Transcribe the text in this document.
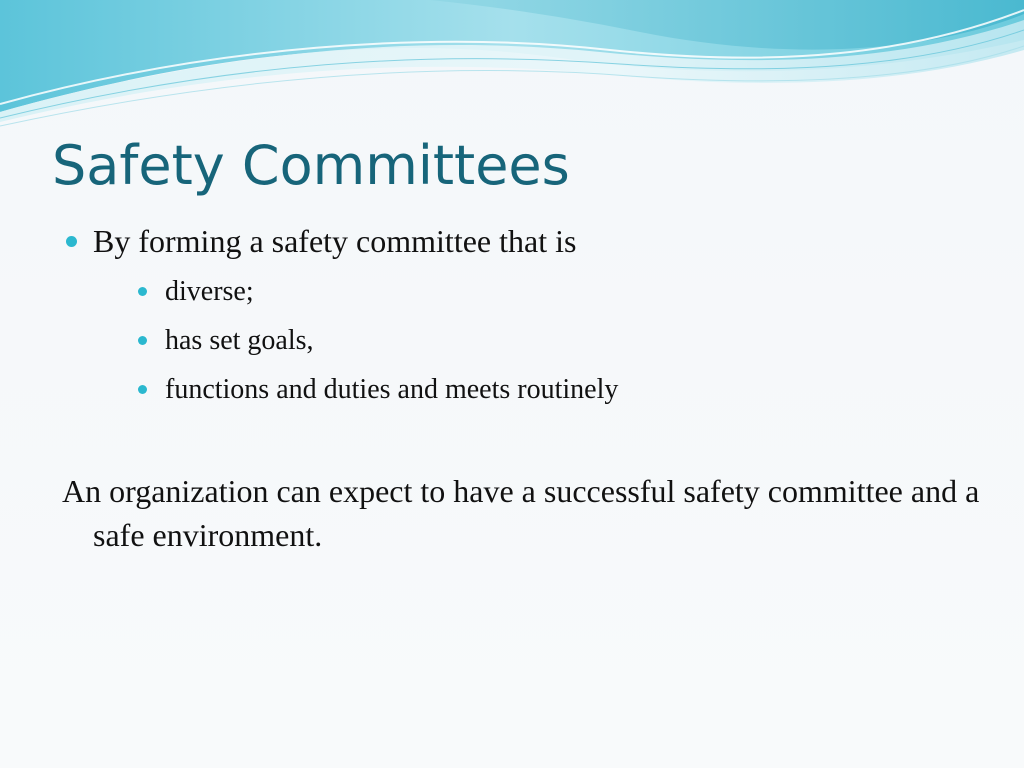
Safety Committees
By forming a safety committee that is
diverse;
has set goals,
functions and duties and meets routinely

An organization can expect to have a successful safety committee and a safe environment.
